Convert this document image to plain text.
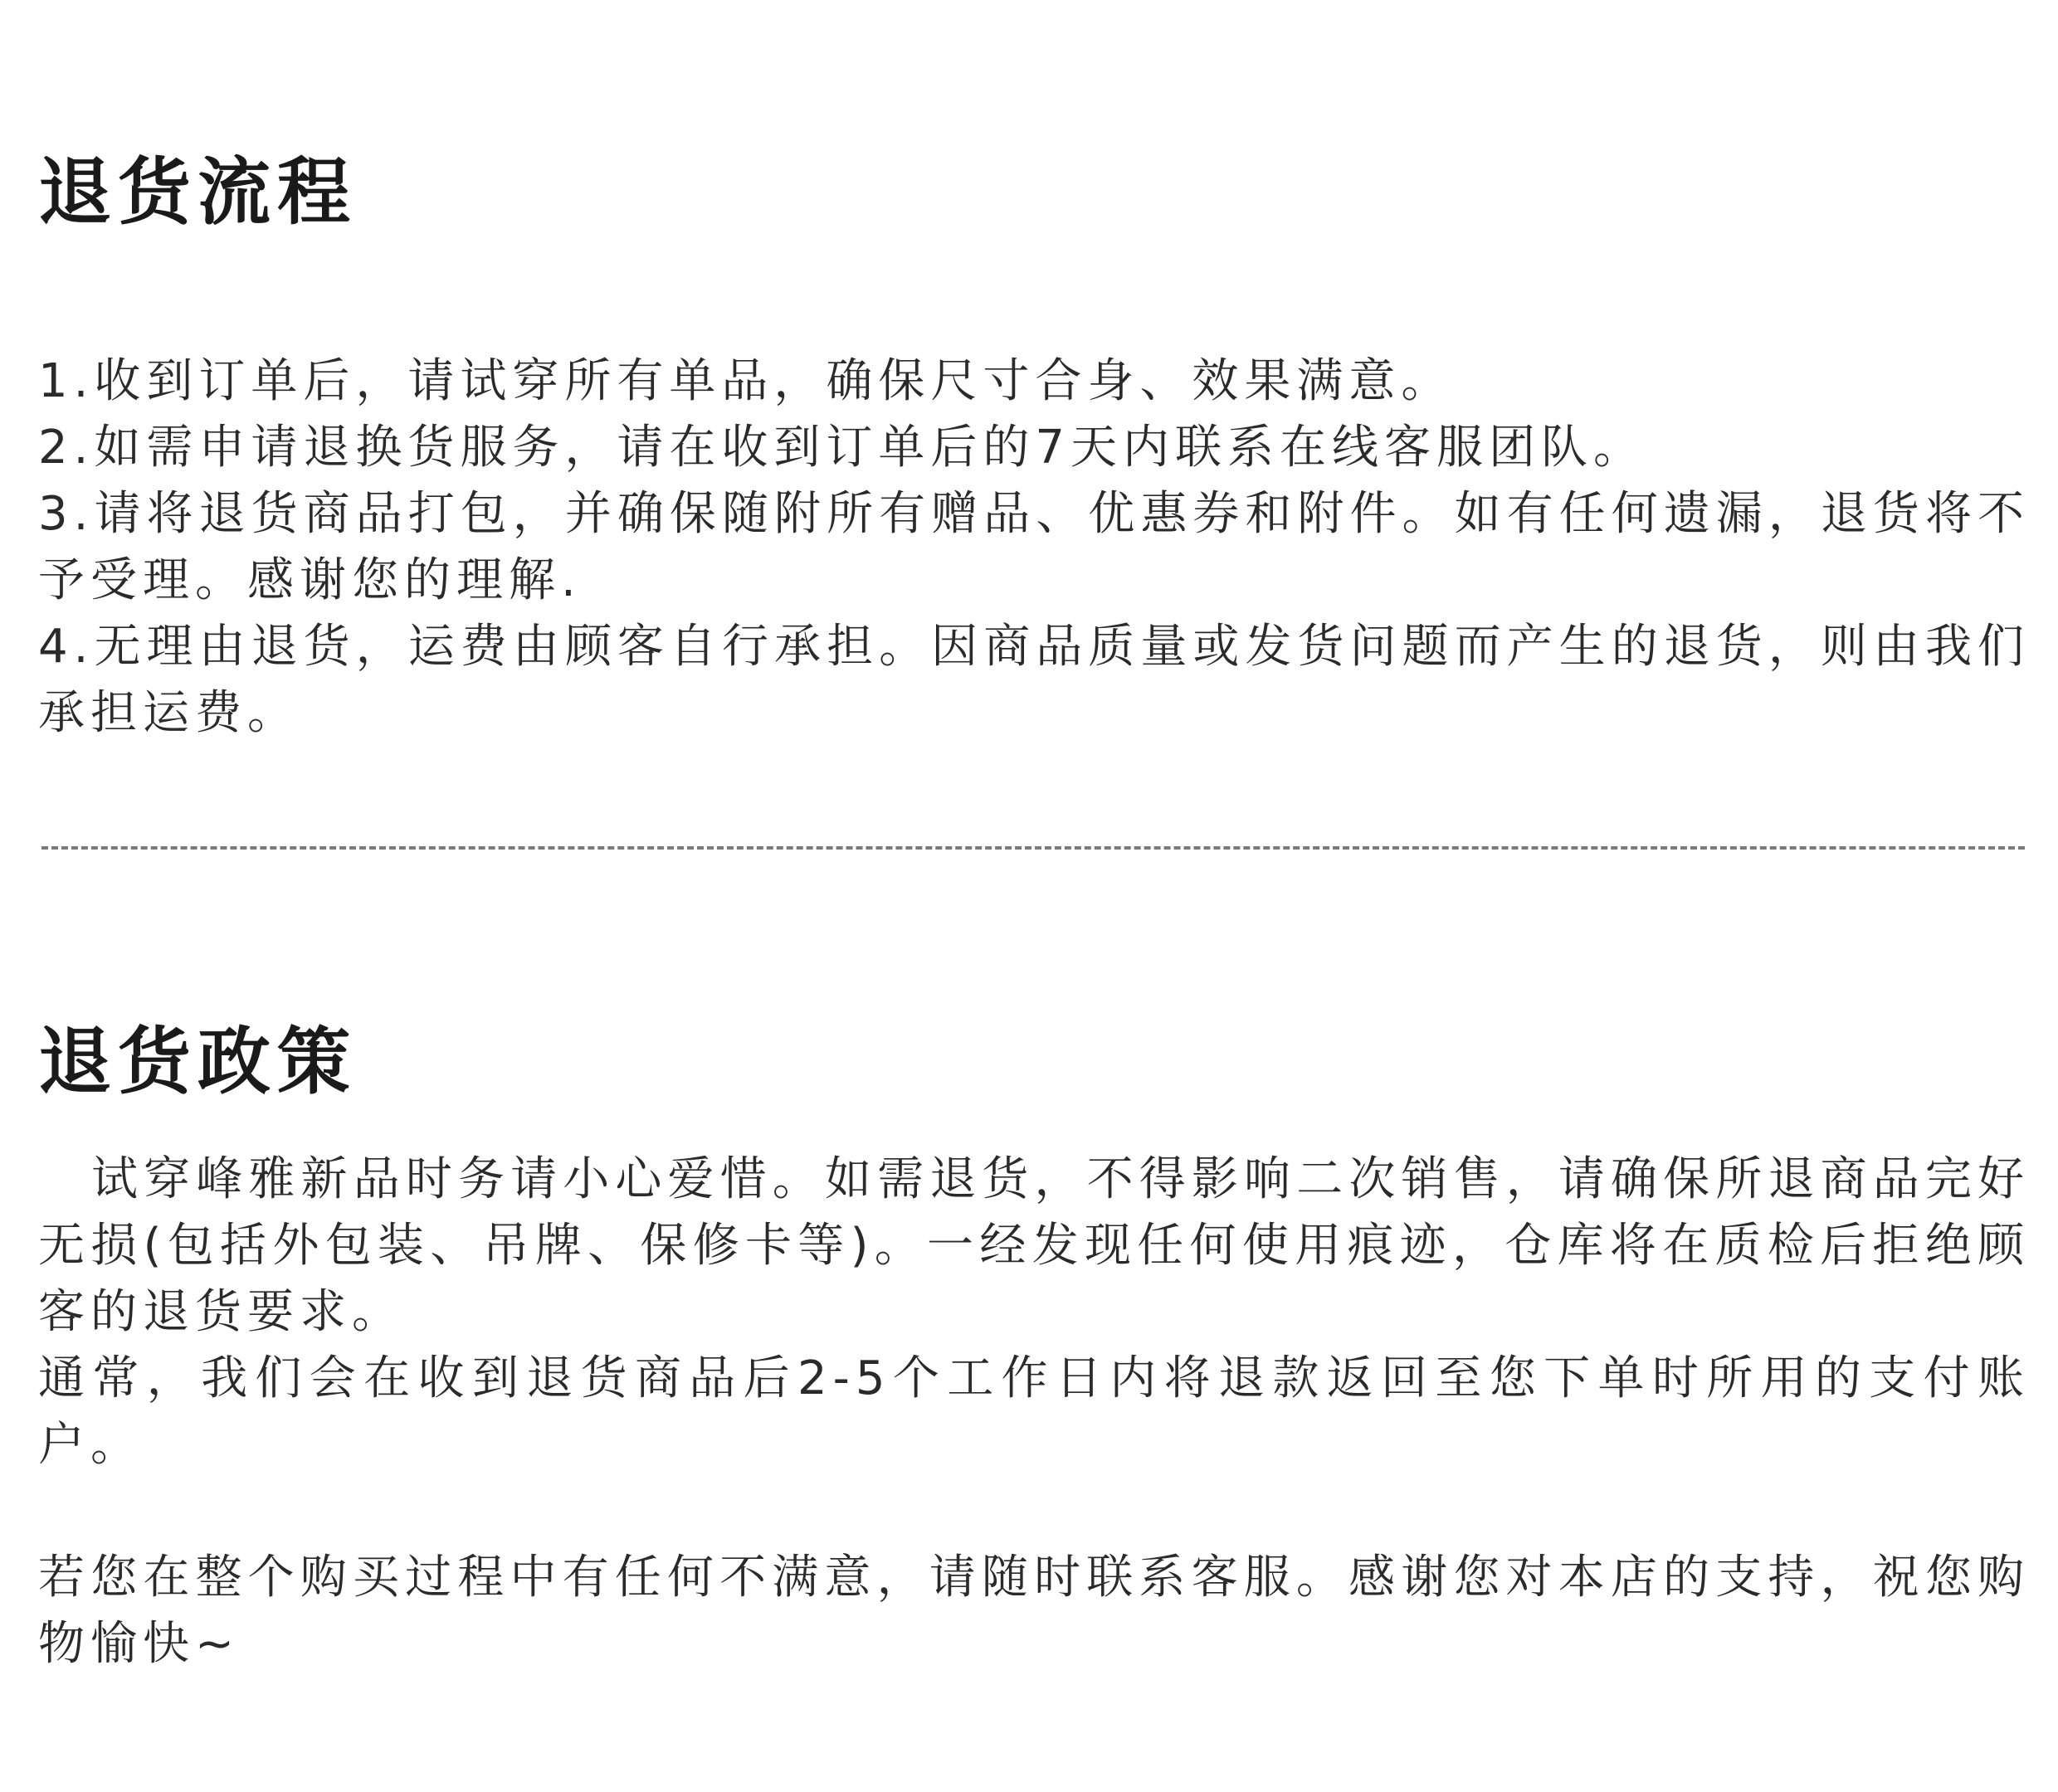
退货流程

1.收到订单后，请试穿所有单品，确保尺寸合身、效果满意。

2.如需申请退换货服务，请在收到订单后的7天内联系在线客服团队。

3.请将退货商品打包，并确保随附所有赠品、优惠券和附件。如有任何遗漏，退货将不予受理。感谢您的理解.

4.无理由退货，运费由顾客自行承担。因商品质量或发货问题而产生的退货，则由我们承担运费。

退货政策

试穿峰雅新品时务请小心爱惜。如需退货，不得影响二次销售，请确保所退商品完好无损(包括外包装、吊牌、保修卡等)。一经发现任何使用痕迹，仓库将在质检后拒绝顾客的退货要求。

通常，我们会在收到退货商品后2-5个工作日内将退款返回至您下单时所用的支付账户。

若您在整个购买过程中有任何不满意，请随时联系客服。感谢您对本店的支持，祝您购物愉快~
